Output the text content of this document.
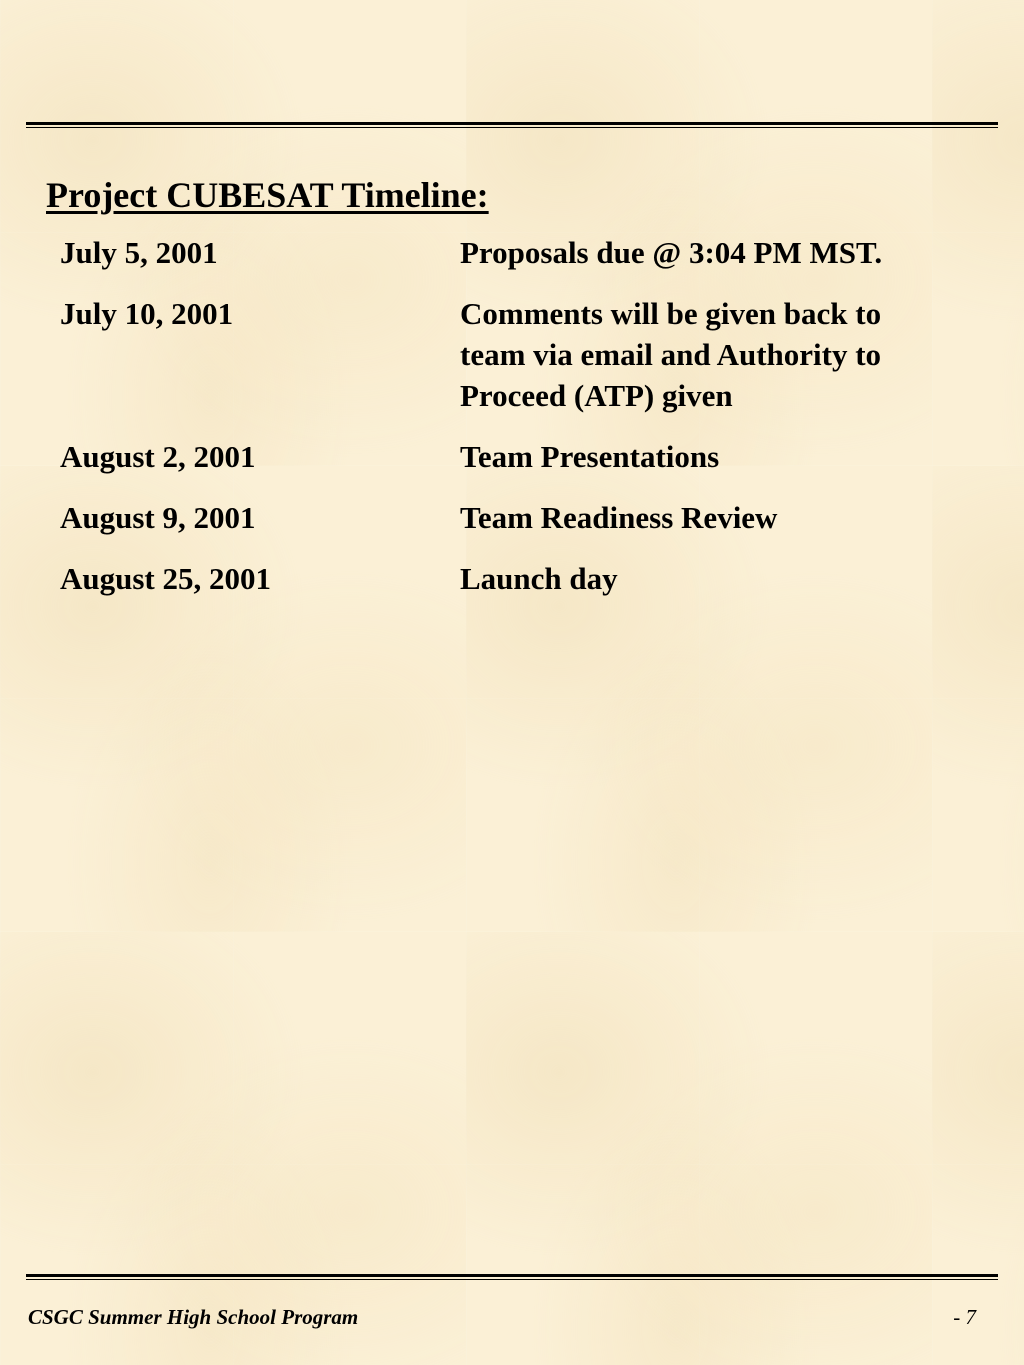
Project CUBESAT Timeline:
July 5, 2001	Proposals due @ 3:04 PM MST.
July 10, 2001	Comments will be given back to team via email and Authority to Proceed (ATP) given
August 2, 2001	Team Presentations
August 9, 2001	Team Readiness Review
August 25, 2001	Launch day
CSGC Summer High School Program	- 7
